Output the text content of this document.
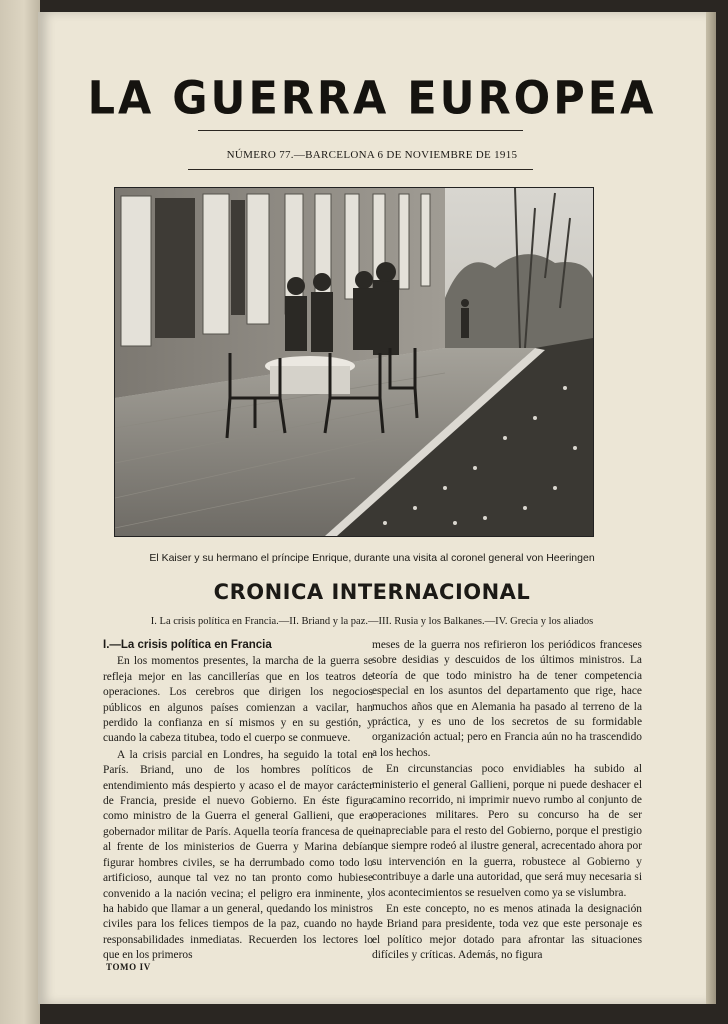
LA GUERRA EUROPEA
NÚMERO 77.—BARCELONA 6 DE NOVIEMBRE DE 1915
El Kaiser y su hermano el príncipe Enrique, durante una visita al coronel general von Heeringen
CRONICA INTERNACIONAL
I. La crisis política en Francia.—II. Briand y la paz.—III. Rusia y los Balkanes.—IV. Grecia y los aliados

I.—La crisis política en Francia

En los momentos presentes, la marcha de la guerra se refleja mejor en las cancillerías que en los teatros de operaciones. Los cerebros que dirigen los negocios públicos en algunos países comienzan a vacilar, han perdido la confianza en sí mismos y en su gestión, y cuando la cabeza titubea, todo el cuerpo se conmueve.

A la crisis parcial en Londres, ha seguido la total en París. Briand, uno de los hombres políticos de entendimiento más despierto y acaso el de mayor carácter de Francia, preside el nuevo Gobierno. En éste figura como ministro de la Guerra el general Gallieni, que era gobernador militar de París. Aquella teoría francesa de que al frente de los ministerios de Guerra y Marina debían figurar hombres civiles, se ha derrumbado como todo lo artificioso, aunque tal vez no tan pronto como hubiese convenido a la nación vecina; el peligro era inminente, y ha habido que llamar a un general, quedando los ministros civiles para los felices tiempos de la paz, cuando no hay responsabilidades inmediatas. Recuerden los lectores lo que en los primeros

meses de la guerra nos refirieron los periódicos franceses sobre desidias y descuidos de los últimos ministros. La teoría de que todo ministro ha de tener competencia especial en los asuntos del departamento que rige, hace muchos años que en Alemania ha pasado al terreno de la práctica, y es uno de los secretos de su formidable organización actual; pero en Francia aún no ha trascendido a los hechos.

En circunstancias poco envidiables ha subido al ministerio el general Gallieni, porque ni puede deshacer el camino recorrido, ni imprimir nuevo rumbo al conjunto de operaciones militares. Pero su concurso ha de ser inapreciable para el resto del Gobierno, porque el prestigio que siempre rodeó al ilustre general, acrecentado ahora por su intervención en la guerra, robustece al Gobierno y contribuye a darle una autoridad, que será muy necesaria si los acontecimientos se resuelven como ya se vislumbra.

En este concepto, no es menos atinada la designación de Briand para presidente, toda vez que este personaje es el político mejor dotado para afrontar las situaciones difíciles y críticas. Además, no figura

TOMO IV
